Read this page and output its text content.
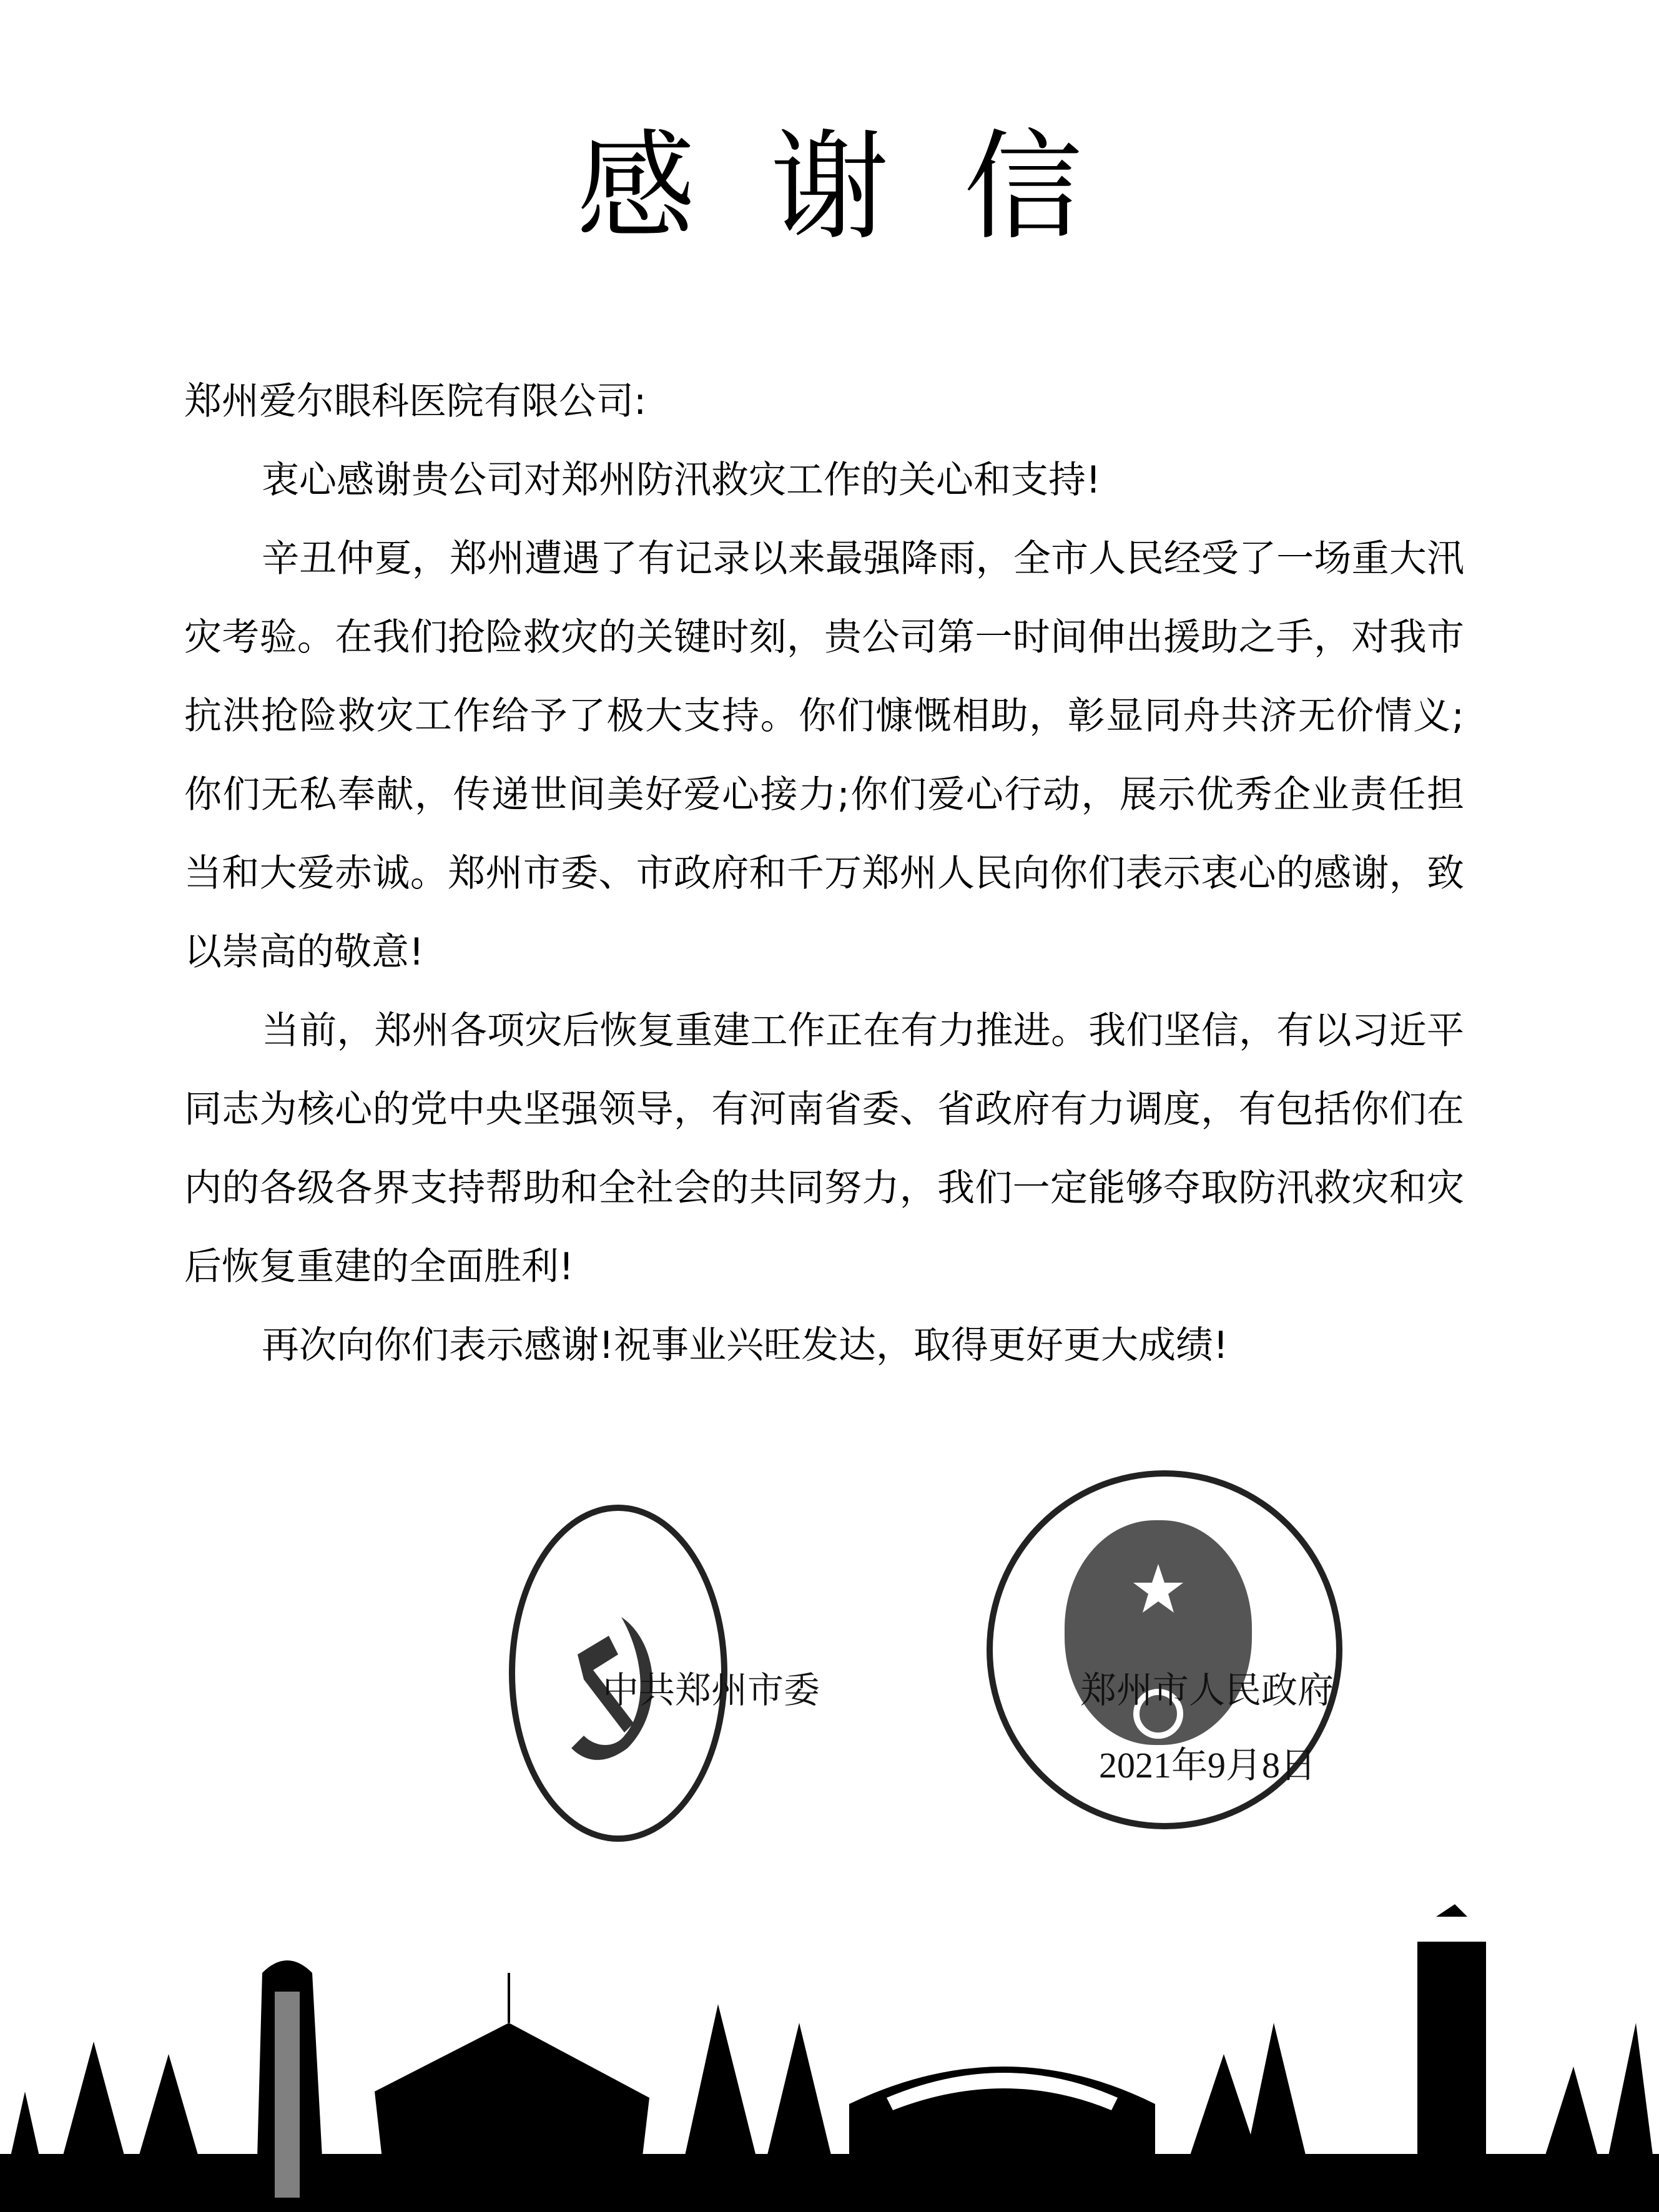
感谢信

郑州爱尔眼科医院有限公司:

衷心感谢贵公司对郑州防汛救灾工作的关心和支持!

辛丑仲夏，郑州遭遇了有记录以来最强降雨，全市人民经受了一场重大汛灾考验。在我们抢险救灾的关键时刻，贵公司第一时间伸出援助之手，对我市抗洪抢险救灾工作给予了极大支持。你们慷慨相助，彰显同舟共济无价情义;你们无私奉献，传递世间美好爱心接力;你们爱心行动，展示优秀企业责任担当和大爱赤诚。郑州市委、市政府和千万郑州人民向你们表示衷心的感谢，致以崇高的敬意!

当前，郑州各项灾后恢复重建工作正在有力推进。我们坚信，有以习近平同志为核心的党中央坚强领导，有河南省委、省政府有力调度，有包括你们在内的各级各界支持帮助和全社会的共同努力，我们一定能够夺取防汛救灾和灾后恢复重建的全面胜利!

再次向你们表示感谢!祝事业兴旺发达，取得更好更大成绩!

中共郑州市委	郑州市人民政府
2021年9月8日
